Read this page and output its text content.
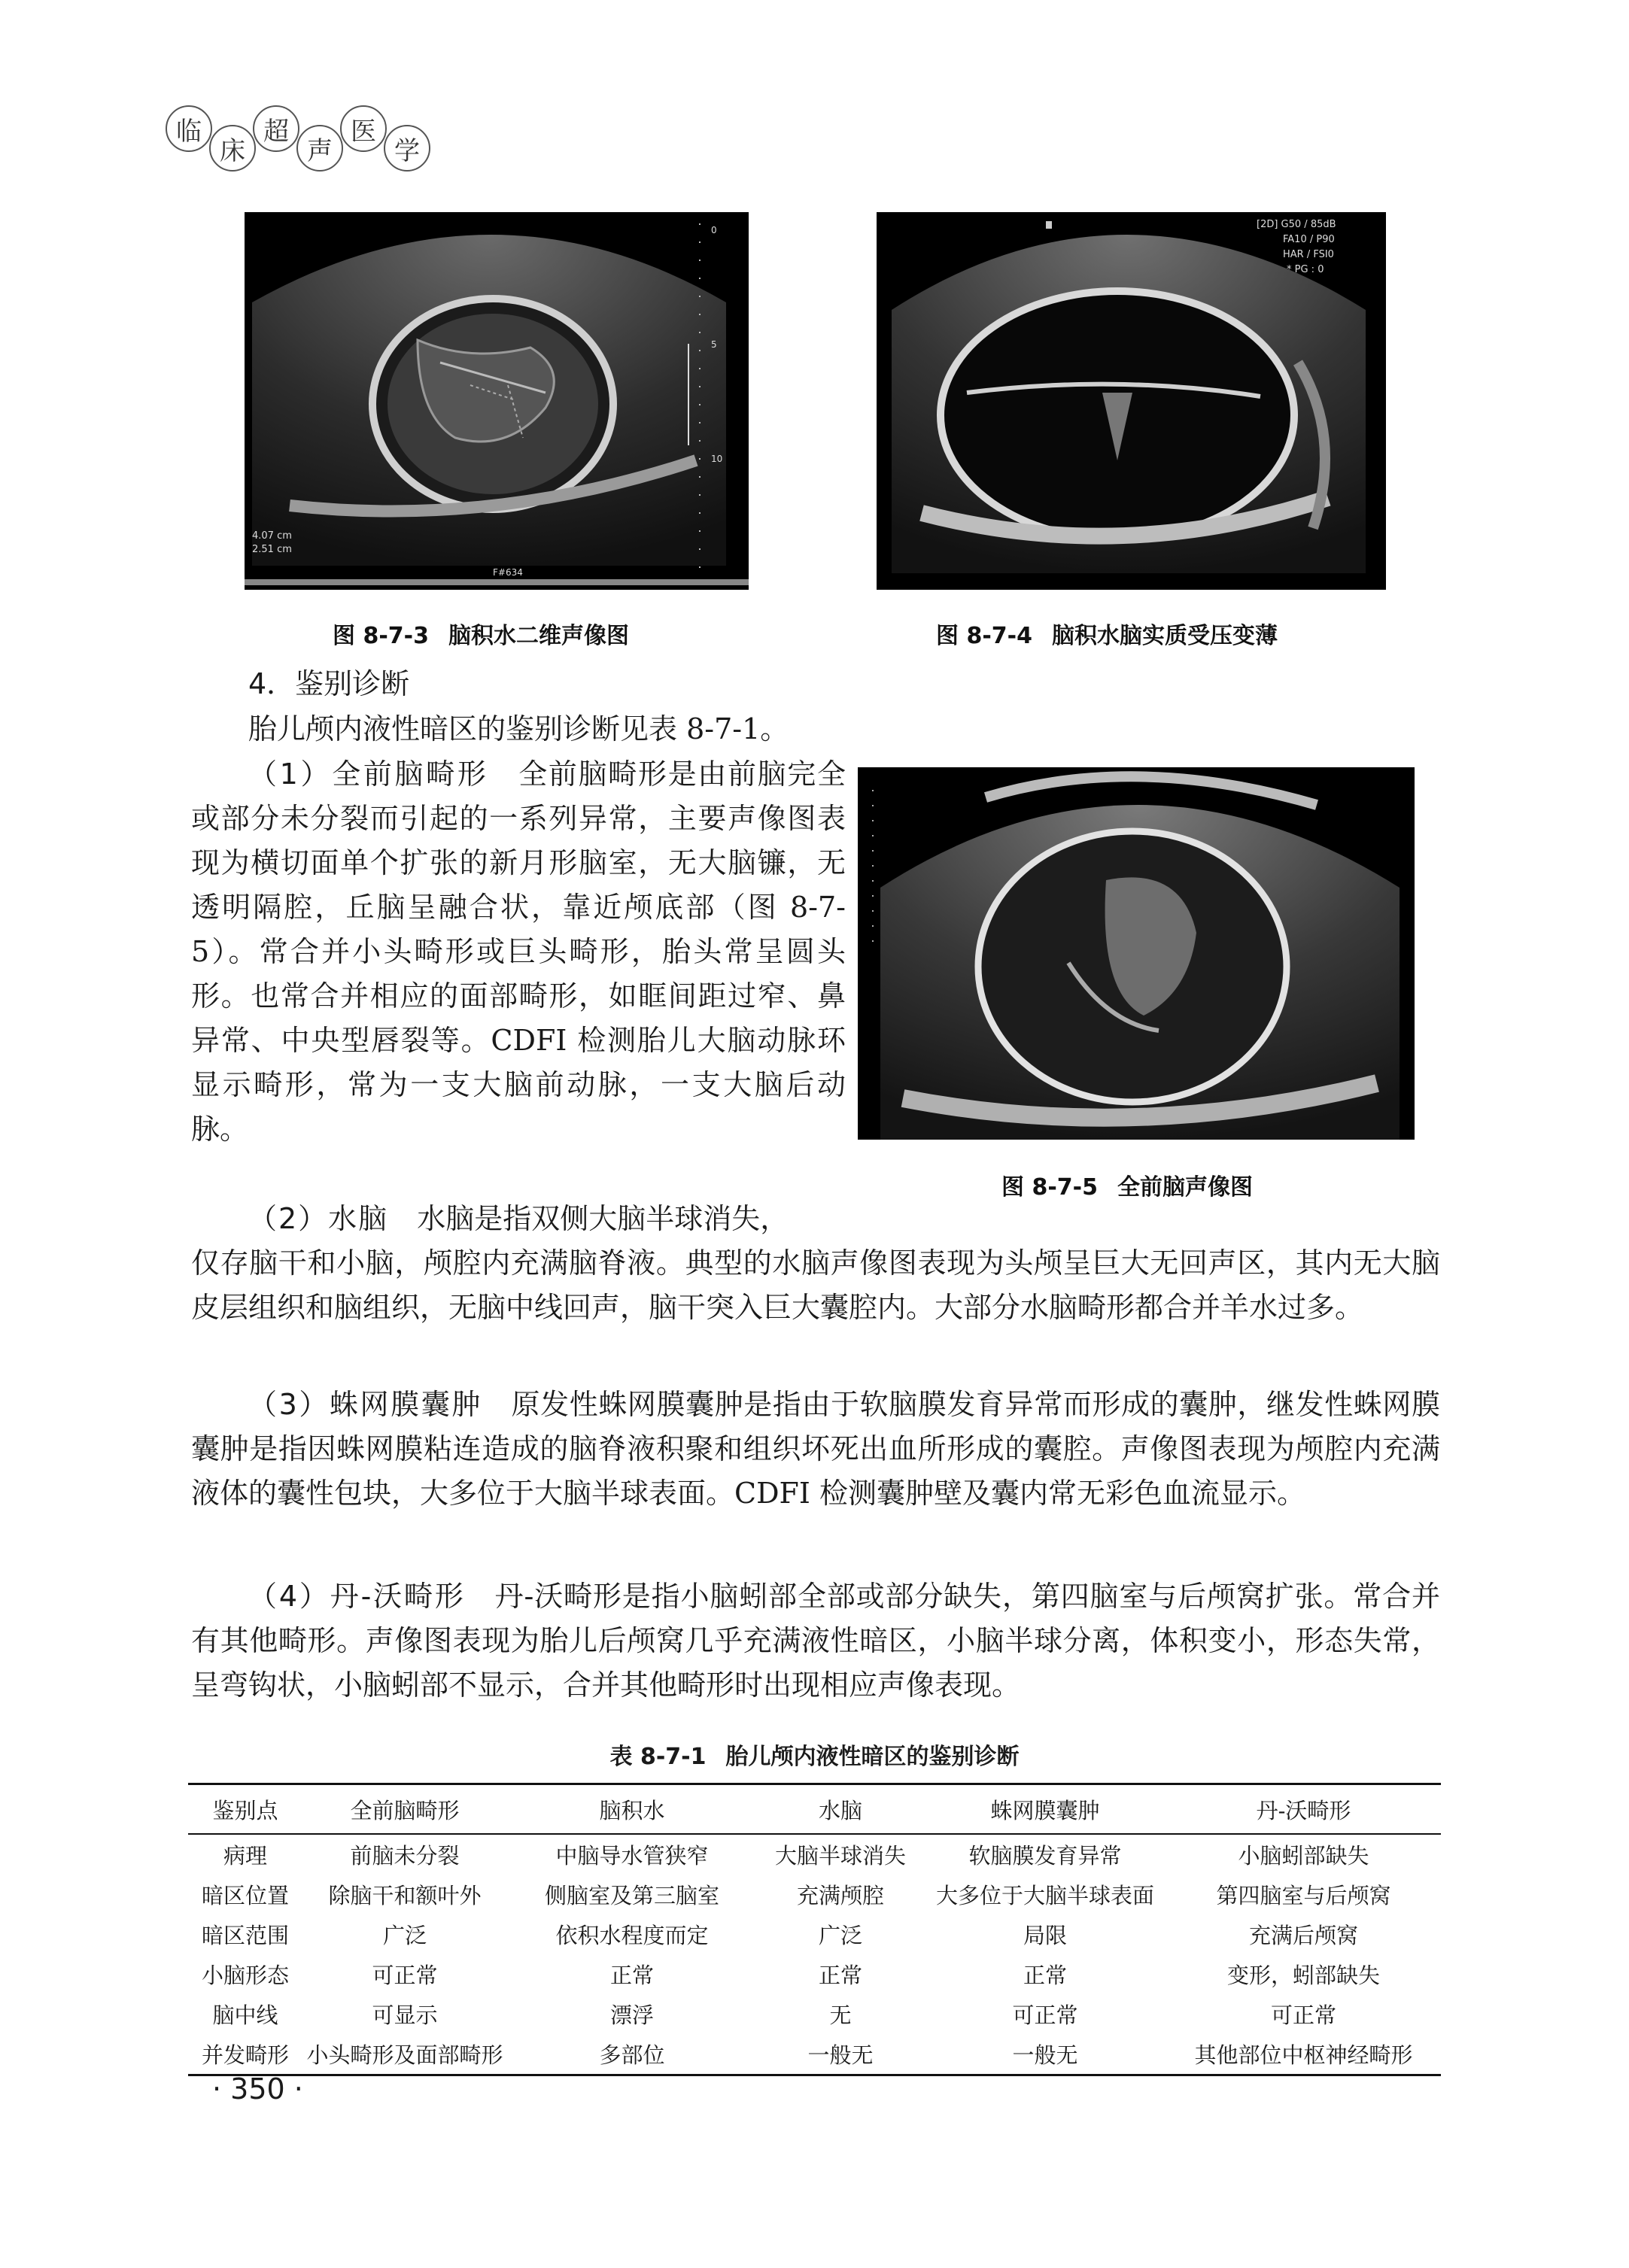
临
床
超
声
医
学
0
5
10
4.07 cm
2.51 cm
F#634
图 8-7-3 脑积水二维声像图
[2D] G50 / 85dB
FA10 / P90
HAR / FSI0
* PG : 0
图 8-7-4 脑积水脑实质受压变薄
图 8-7-5 全前脑声像图
4．鉴别诊断
胎儿颅内液性暗区的鉴别诊断见表 8-7-1。
（1）全前脑畸形　 全前脑畸形是由前脑完全或部分未分裂而引起的一系列异常，主要声像图表现为横切面单个扩张的新月形脑室，无大脑镰，无透明隔腔，丘脑呈融合状，靠近颅底部（图 8-7-5）。常合并小头畸形或巨头畸形，胎头常呈圆头形。也常合并相应的面部畸形，如眶间距过窄、鼻异常、中央型唇裂等。CDFI 检测胎儿大脑动脉环显示畸形，常为一支大脑前动脉，一支大脑后动脉。
（2）水脑　 水脑是指双侧大脑半球消失，
仅存脑干和小脑，颅腔内充满脑脊液。典型的水脑声像图表现为头颅呈巨大无回声区，其内无大脑皮层组织和脑组织，无脑中线回声，脑干突入巨大囊腔内。大部分水脑畸形都合并羊水过多。
（3）蛛网膜囊肿　 原发性蛛网膜囊肿是指由于软脑膜发育异常而形成的囊肿，继发性蛛网膜囊肿是指因蛛网膜粘连造成的脑脊液积聚和组织坏死出血所形成的囊腔。声像图表现为颅腔内充满液体的囊性包块，大多位于大脑半球表面。CDFI 检测囊肿壁及囊内常无彩色血流显示。
（4）丹-沃畸形　 丹-沃畸形是指小脑蚓部全部或部分缺失，第四脑室与后颅窝扩张。常合并有其他畸形。声像图表现为胎儿后颅窝几乎充满液性暗区，小脑半球分离，体积变小，形态失常，呈弯钩状，小脑蚓部不显示，合并其他畸形时出现相应声像表现。
表 8-7-1 胎儿颅内液性暗区的鉴别诊断
鉴别点	全前脑畸形	脑积水	水脑	蛛网膜囊肿	丹-沃畸形
病理	前脑未分裂	中脑导水管狭窄	大脑半球消失	软脑膜发育异常	小脑蚓部缺失
暗区位置	除脑干和额叶外	侧脑室及第三脑室	充满颅腔	大多位于大脑半球表面	第四脑室与后颅窝
暗区范围	广泛	依积水程度而定	广泛	局限	充满后颅窝
小脑形态	可正常	正常	正常	正常	变形，蚓部缺失
脑中线	可显示	漂浮	无	可正常	可正常
并发畸形	小头畸形及面部畸形	多部位	一般无	一般无	其他部位中枢神经畸形
· 350 ·
